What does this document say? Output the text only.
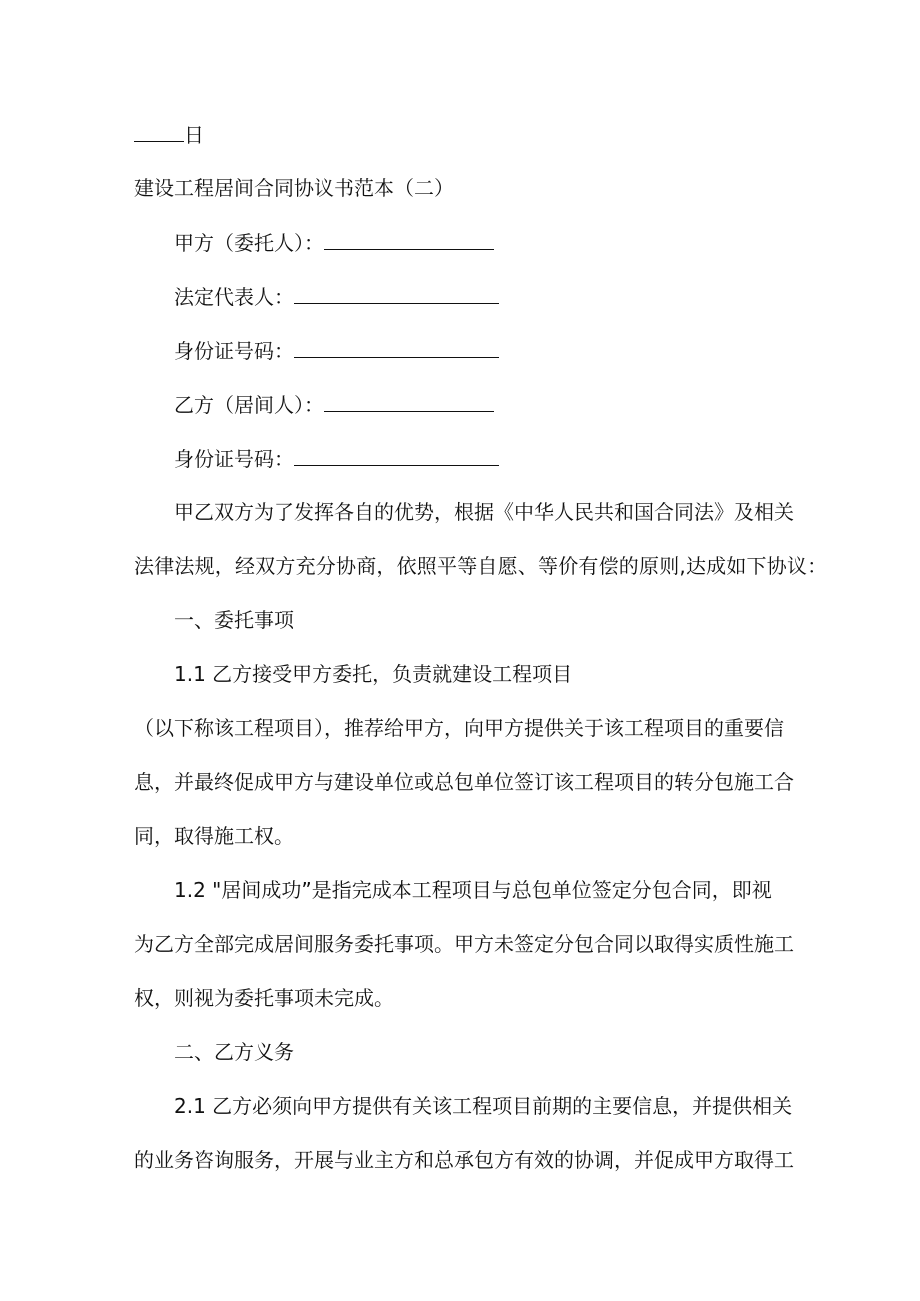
日
建设工程居间合同协议书范本（二）
甲方（委托人）：
法定代表人：
身份证号码：
乙方（居间人）：
身份证号码：
甲乙双方为了发挥各自的优势，根据《中华人民共和国合同法》及相关
法律法规，经双方充分协商，依照平等自愿、等价有偿的原则,达成如下协议：
一、委托事项
1.1 乙方接受甲方委托，负责就建设工程项目
（以下称该工程项目），推荐给甲方，向甲方提供关于该工程项目的重要信
息，并最终促成甲方与建设单位或总包单位签订该工程项目的转分包施工合
同，取得施工权。
1.2 "居间成功”是指完成本工程项目与总包单位签定分包合同，即视
为乙方全部完成居间服务委托事项。甲方未签定分包合同以取得实质性施工
权，则视为委托事项未完成。
二、乙方义务
2.1 乙方必须向甲方提供有关该工程项目前期的主要信息，并提供相关
的业务咨询服务，开展与业主方和总承包方有效的协调，并促成甲方取得工
